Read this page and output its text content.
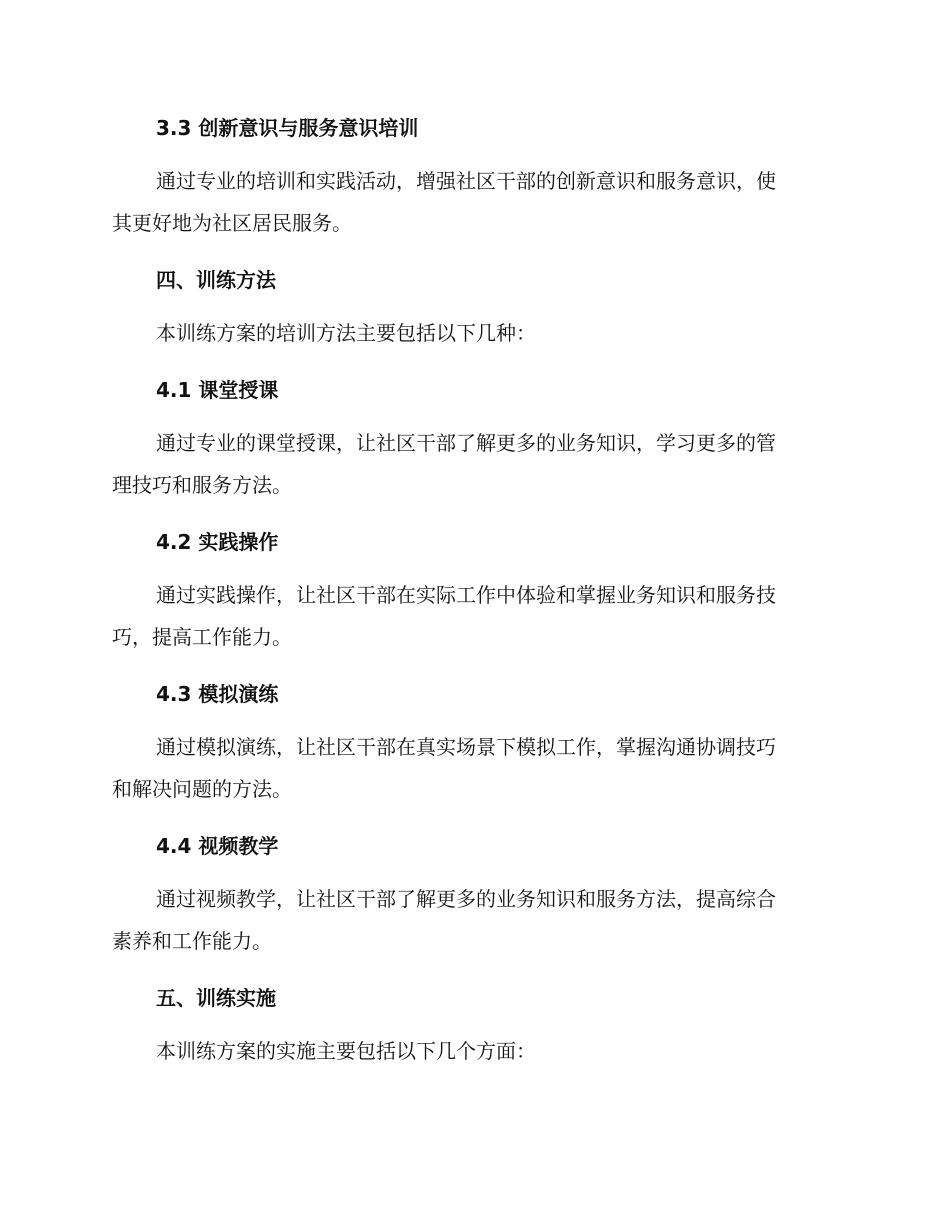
3.3 创新意识与服务意识培训
通过专业的培训和实践活动，增强社区干部的创新意识和服务意识，使
其更好地为社区居民服务。
四、训练方法
本训练方案的培训方法主要包括以下几种：
4.1 课堂授课
通过专业的课堂授课，让社区干部了解更多的业务知识，学习更多的管
理技巧和服务方法。
4.2 实践操作
通过实践操作，让社区干部在实际工作中体验和掌握业务知识和服务技
巧，提高工作能力。
4.3 模拟演练
通过模拟演练，让社区干部在真实场景下模拟工作，掌握沟通协调技巧
和解决问题的方法。
4.4 视频教学
通过视频教学，让社区干部了解更多的业务知识和服务方法，提高综合
素养和工作能力。
五、训练实施
本训练方案的实施主要包括以下几个方面：
